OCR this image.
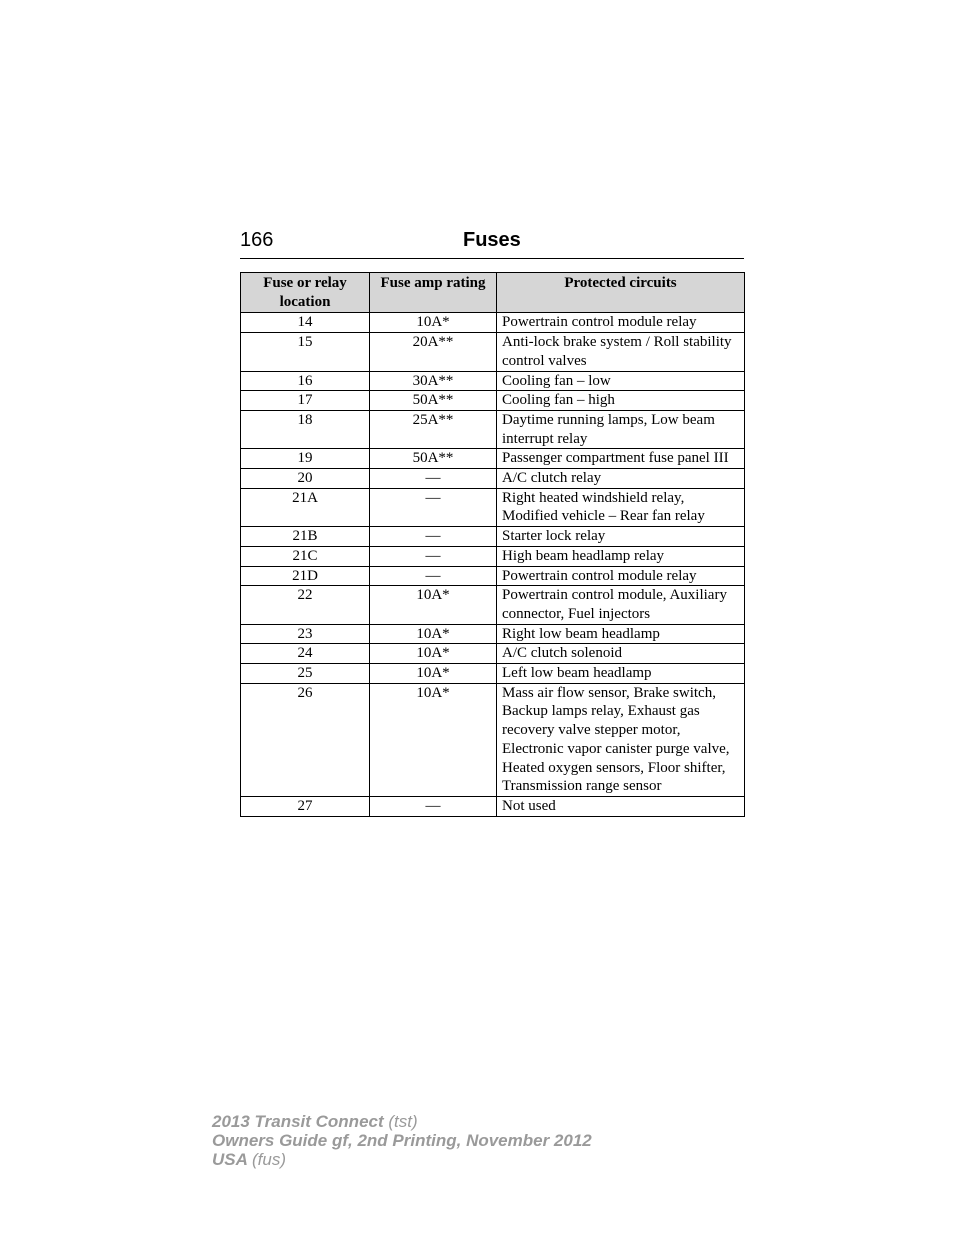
166	Fuses
Fuse or relay location	Fuse amp rating	Protected circuits
14	10A*	Powertrain control module relay
15	20A**	Anti-lock brake system / Roll stability control valves
16	30A**	Cooling fan – low
17	50A**	Cooling fan – high
18	25A**	Daytime running lamps, Low beam interrupt relay
19	50A**	Passenger compartment fuse panel III
20	—	A/C clutch relay
21A	—	Right heated windshield relay, Modified vehicle – Rear fan relay
21B	—	Starter lock relay
21C	—	High beam headlamp relay
21D	—	Powertrain control module relay
22	10A*	Powertrain control module, Auxiliary connector, Fuel injectors
23	10A*	Right low beam headlamp
24	10A*	A/C clutch solenoid
25	10A*	Left low beam headlamp
26	10A*	Mass air flow sensor, Brake switch, Backup lamps relay, Exhaust gas recovery valve stepper motor, Electronic vapor canister purge valve, Heated oxygen sensors, Floor shifter, Transmission range sensor
27	—	Not used
2013 Transit Connect (tst)
Owners Guide gf, 2nd Printing, November 2012
USA (fus)
